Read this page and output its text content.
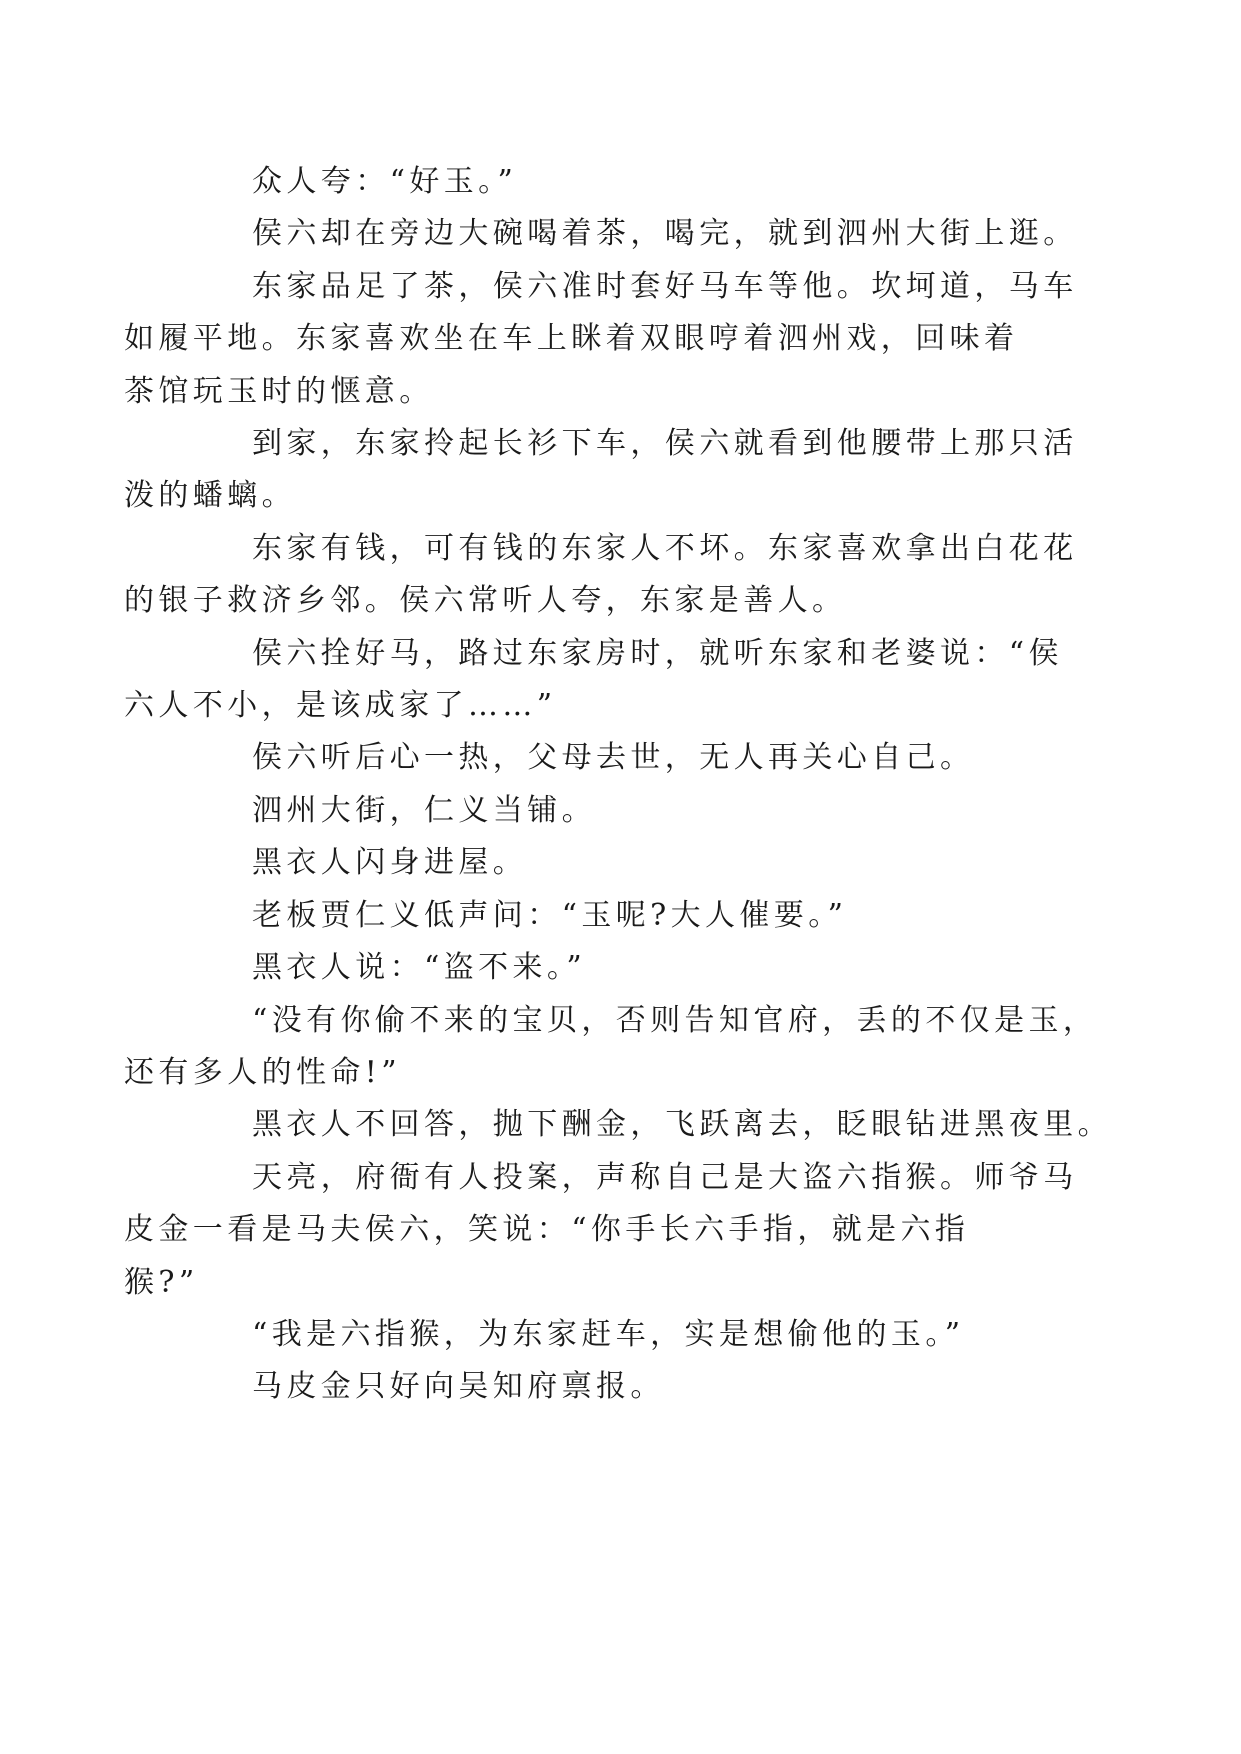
众人夸：“好玉。”

侯六却在旁边大碗喝着茶，喝完，就到泗州大街上逛。

东家品足了茶，侯六准时套好马车等他。坎坷道，马车
如履平地。东家喜欢坐在车上眯着双眼哼着泗州戏，回味着
茶馆玩玉时的惬意。

到家，东家拎起长衫下车，侯六就看到他腰带上那只活
泼的蟠螭。

东家有钱，可有钱的东家人不坏。东家喜欢拿出白花花
的银子救济乡邻。侯六常听人夸，东家是善人。

侯六拴好马，路过东家房时，就听东家和老婆说：“侯
六人不小，是该成家了……”

侯六听后心一热，父母去世，无人再关心自己。

泗州大街，仁义当铺。

黑衣人闪身进屋。

老板贾仁义低声问：“玉呢?大人催要。”

黑衣人说：“盗不来。”

“没有你偷不来的宝贝，否则告知官府，丢的不仅是玉，
还有多人的性命!”

黑衣人不回答，抛下酬金，飞跃离去，眨眼钻进黑夜里。

天亮，府衙有人投案，声称自己是大盗六指猴。师爷马
皮金一看是马夫侯六，笑说：“你手长六手指，就是六指
猴?”

“我是六指猴，为东家赶车，实是想偷他的玉。”

马皮金只好向吴知府禀报。
